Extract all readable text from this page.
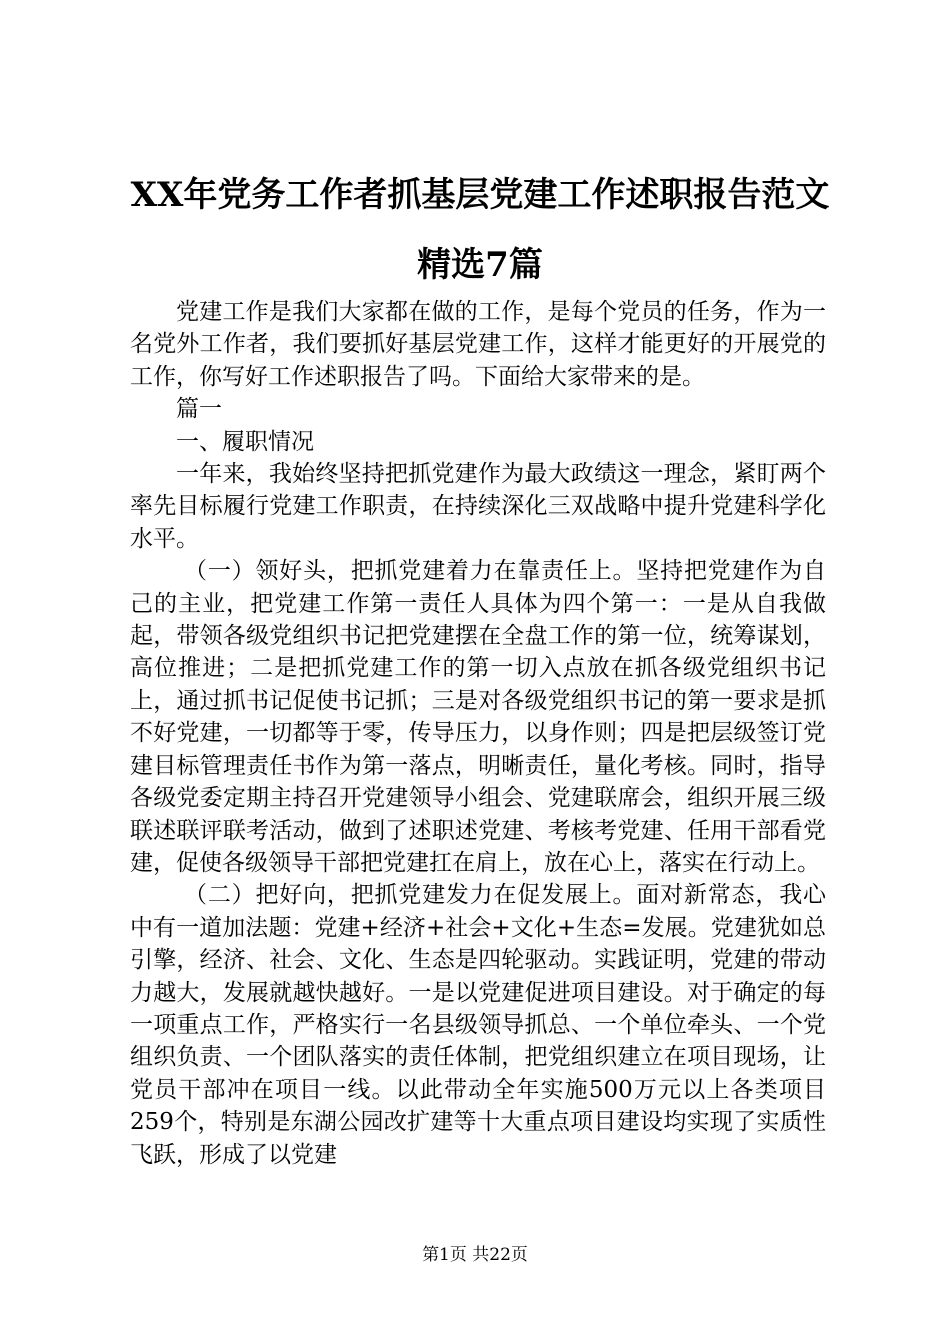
XX年党务工作者抓基层党建工作述职报告范文精选7篇

党建工作是我们大家都在做的工作，是每个党员的任务，作为一名党外工作者，我们要抓好基层党建工作，这样才能更好的开展党的工作，你写好工作述职报告了吗。下面给大家带来的是。

篇一

一、履职情况

一年来，我始终坚持把抓党建作为最大政绩这一理念，紧盯两个率先目标履行党建工作职责，在持续深化三双战略中提升党建科学化水平。

（一）领好头，把抓党建着力在靠责任上。坚持把党建作为自己的主业，把党建工作第一责任人具体为四个第一：一是从自我做起，带领各级党组织书记把党建摆在全盘工作的第一位，统筹谋划，高位推进；二是把抓党建工作的第一切入点放在抓各级党组织书记上，通过抓书记促使书记抓；三是对各级党组织书记的第一要求是抓不好党建，一切都等于零，传导压力，以身作则；四是把层级签订党建目标管理责任书作为第一落点，明晰责任，量化考核。同时，指导各级党委定期主持召开党建领导小组会、党建联席会，组织开展三级联述联评联考活动，做到了述职述党建、考核考党建、任用干部看党建，促使各级领导干部把党建扛在肩上，放在心上，落实在行动上。

（二）把好向，把抓党建发力在促发展上。面对新常态，我心中有一道加法题：党建+经济+社会+文化+生态=发展。党建犹如总引擎，经济、社会、文化、生态是四轮驱动。实践证明，党建的带动力越大，发展就越快越好。一是以党建促进项目建设。对于确定的每一项重点工作，严格实行一名县级领导抓总、一个单位牵头、一个党组织负责、一个团队落实的责任体制，把党组织建立在项目现场，让党员干部冲在项目一线。以此带动全年实施500万元以上各类项目259个，特别是东湖公园改扩建等十大重点项目建设均实现了实质性飞跃，形成了以党建

第1页 共22页
